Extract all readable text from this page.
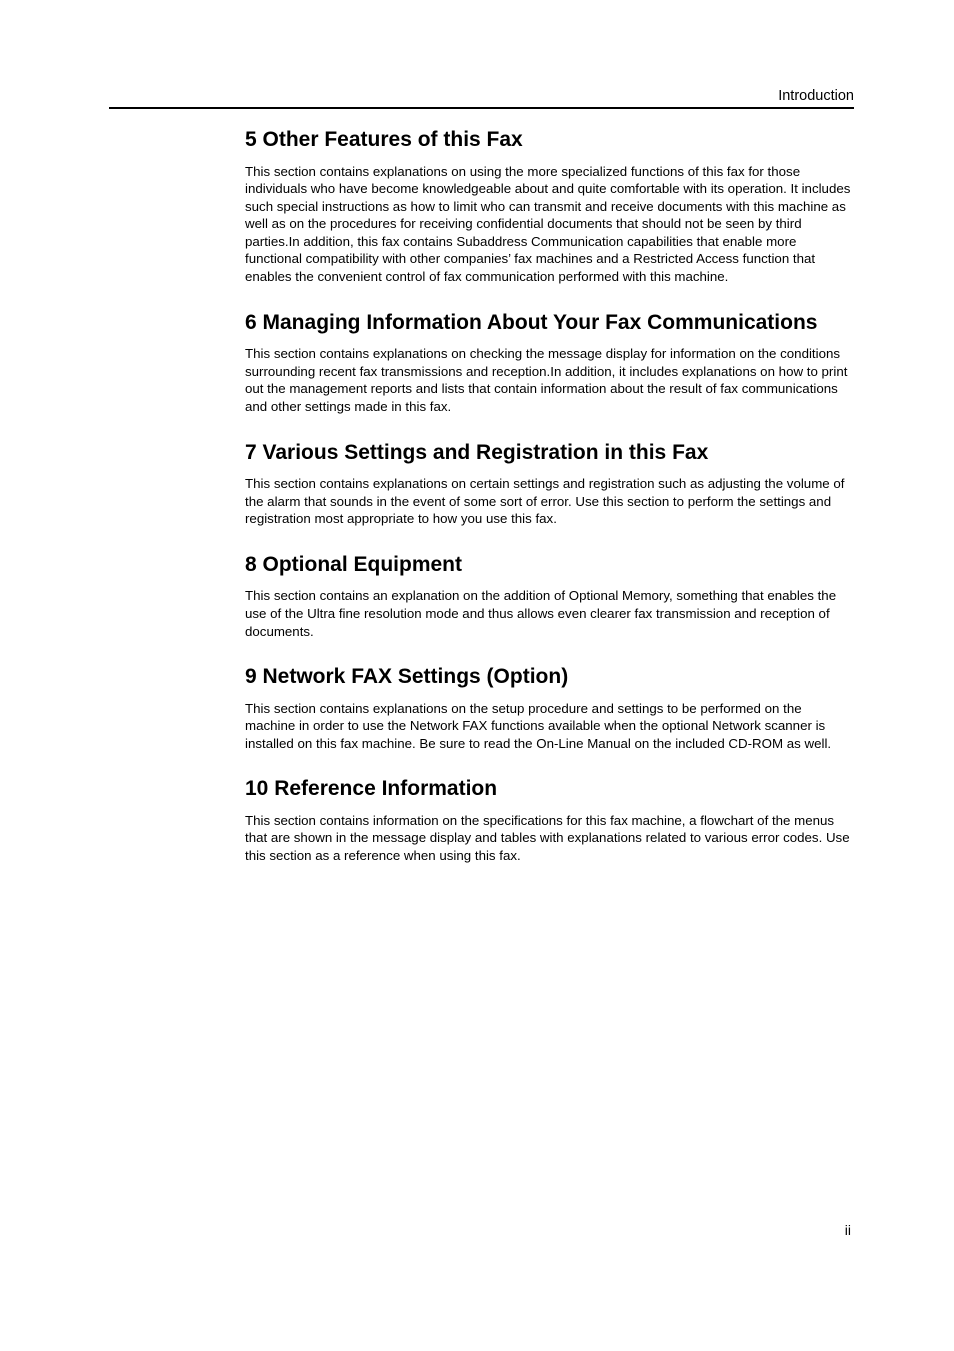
Introduction
5 Other Features of this Fax

This section contains explanations on using the more specialized functions of this fax for those individuals who have become knowledgeable about and quite comfortable with its operation. It includes such special instructions as how to limit who can transmit and receive documents with this machine as well as on the procedures for receiving confidential documents that should not be seen by third parties.In addition, this fax contains Subaddress Communication capabilities that enable more functional compatibility with other companies’ fax machines and a Restricted Access function that enables the convenient control of fax communication performed with this machine.

6 Managing Information About Your Fax Communications

This section contains explanations on checking the message display for information on the conditions surrounding recent fax transmissions and reception.In addition, it includes explanations on how to print out the management reports and lists that contain information about the result of fax communications and other settings made in this fax.

7 Various Settings and Registration in this Fax

This section contains explanations on certain settings and registration such as adjusting the volume of the alarm that sounds in the event of some sort of error. Use this section to perform the settings and registration most appropriate to how you use this fax.

8 Optional Equipment

This section contains an explanation on the addition of Optional Memory, something that enables the use of the Ultra fine resolution mode and thus allows even clearer fax transmission and reception of documents.

9 Network FAX Settings (Option)

This section contains explanations on the setup procedure and settings to be performed on the machine in order to use the Network FAX functions available when the optional Network scanner is installed on this fax machine. Be sure to read the On-Line Manual on the included CD-ROM as well.

10 Reference Information

This section contains information on the specifications for this fax machine, a flowchart of the menus that are shown in the message display and tables with explanations related to various error codes. Use this section as a reference when using this fax.

ii
